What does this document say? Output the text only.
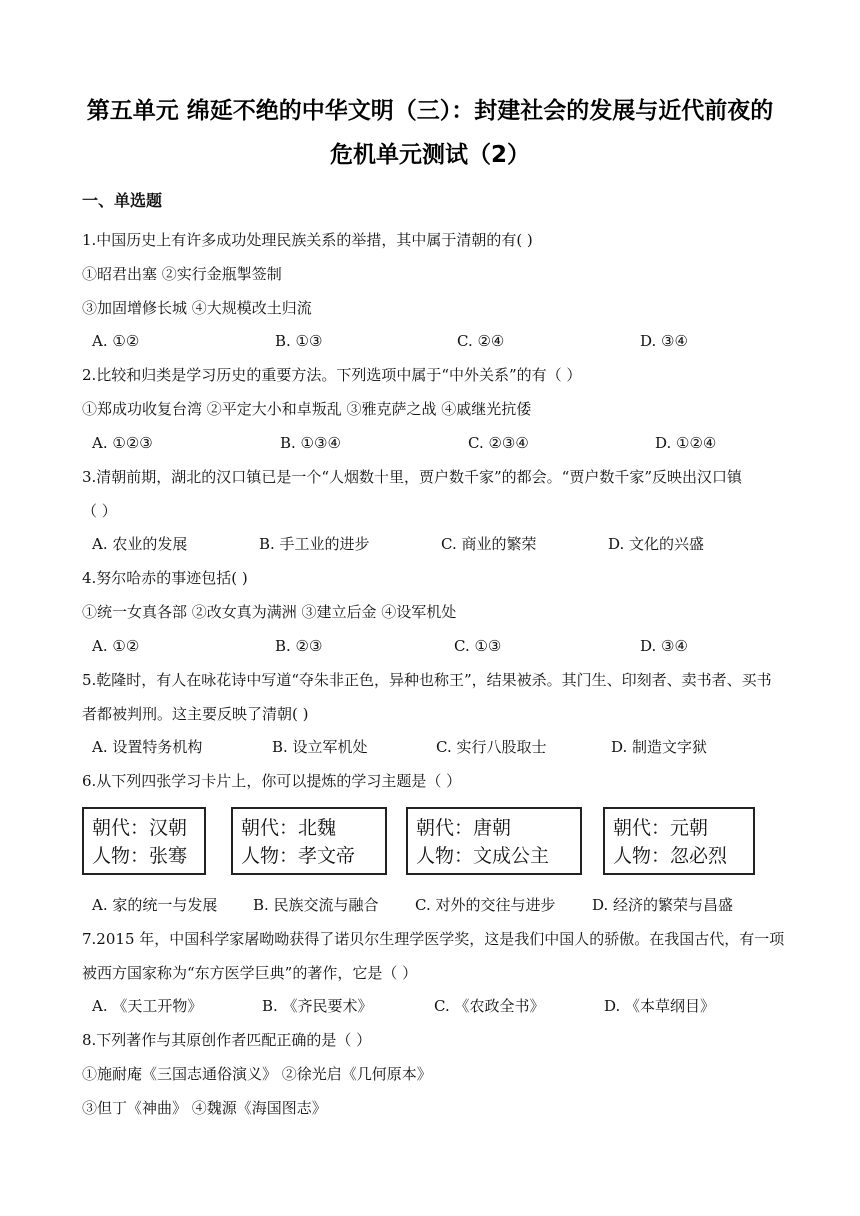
第五单元 绵延不绝的中华文明（三）：封建社会的发展与近代前夜的
危机单元测试（2）
一、单选题
1.中国历史上有许多成功处理民族关系的举措，其中属于清朝的有( )
①昭君出塞 ②实行金瓶掣签制
③加固增修长城 ④大规模改土归流
A. ①②	B. ①③	C. ②④	D. ③④
2.比较和归类是学习历史的重要方法。下列选项中属于“中外关系”的有（ ）
①郑成功收复台湾 ②平定大小和卓叛乱 ③雅克萨之战 ④戚继光抗倭
A. ①②③	B. ①③④	C. ②③④	D. ①②④
3.清朝前期，湖北的汉口镇已是一个“人烟数十里，贾户数千家”的都会。“贾户数千家”反映出汉口镇
（ ）
A. 农业的发展	B. 手工业的进步	C. 商业的繁荣	D. 文化的兴盛
4.努尔哈赤的事迹包括( )
①统一女真各部 ②改女真为满洲 ③建立后金 ④设军机处
A. ①②	B. ②③	C. ①③	D. ③④
5.乾隆时，有人在咏花诗中写道“夺朱非正色，异种也称王”，结果被杀。其门生、印刻者、卖书者、买书
者都被判刑。这主要反映了清朝( )
A. 设置特务机构	B. 设立军机处	C. 实行八股取士	D. 制造文字狱
6.从下列四张学习卡片上，你可以提炼的学习主题是（ ）
朝代：汉朝
人物：张骞
朝代：北魏
人物：孝文帝
朝代：唐朝
人物：文成公主
朝代：元朝
人物：忽必烈
A. 家的统一与发展 B. 民族交流与融合 C. 对外的交往与进步 D. 经济的繁荣与昌盛
7.2015 年，中国科学家屠呦呦获得了诺贝尔生理学医学奖，这是我们中国人的骄傲。在我国古代，有一项
被西方国家称为“东方医学巨典”的著作，它是（ ）
A. 《天工开物》	B. 《齐民要术》	C. 《农政全书》	D. 《本草纲目》
8.下列著作与其原创作者匹配正确的是（ ）
①施耐庵《三国志通俗演义》 ②徐光启《几何原本》
③但丁《神曲》 ④魏源《海国图志》
